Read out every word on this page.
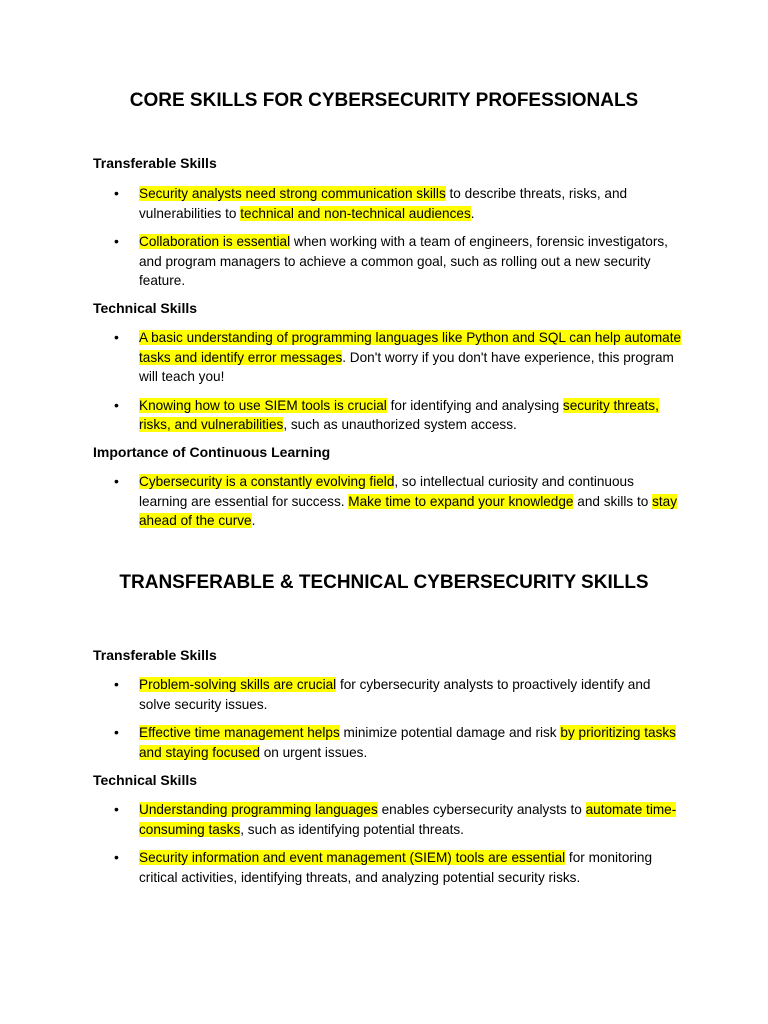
CORE SKILLS FOR CYBERSECURITY PROFESSIONALS
Transferable Skills
• Security analysts need strong communication skills to describe threats, risks, and vulnerabilities to technical and non-technical audiences.
• Collaboration is essential when working with a team of engineers, forensic investigators, and program managers to achieve a common goal, such as rolling out a new security feature.
Technical Skills
• A basic understanding of programming languages like Python and SQL can help automate tasks and identify error messages. Don't worry if you don't have experience, this program will teach you!
• Knowing how to use SIEM tools is crucial for identifying and analysing security threats, risks, and vulnerabilities, such as unauthorized system access.
Importance of Continuous Learning
• Cybersecurity is a constantly evolving field, so intellectual curiosity and continuous learning are essential for success. Make time to expand your knowledge and skills to stay ahead of the curve.
TRANSFERABLE & TECHNICAL CYBERSECURITY SKILLS
Transferable Skills
• Problem-solving skills are crucial for cybersecurity analysts to proactively identify and solve security issues.
• Effective time management helps minimize potential damage and risk by prioritizing tasks and staying focused on urgent issues.
Technical Skills
• Understanding programming languages enables cybersecurity analysts to automate time-consuming tasks, such as identifying potential threats.
• Security information and event management (SIEM) tools are essential for monitoring critical activities, identifying threats, and analyzing potential security risks.
